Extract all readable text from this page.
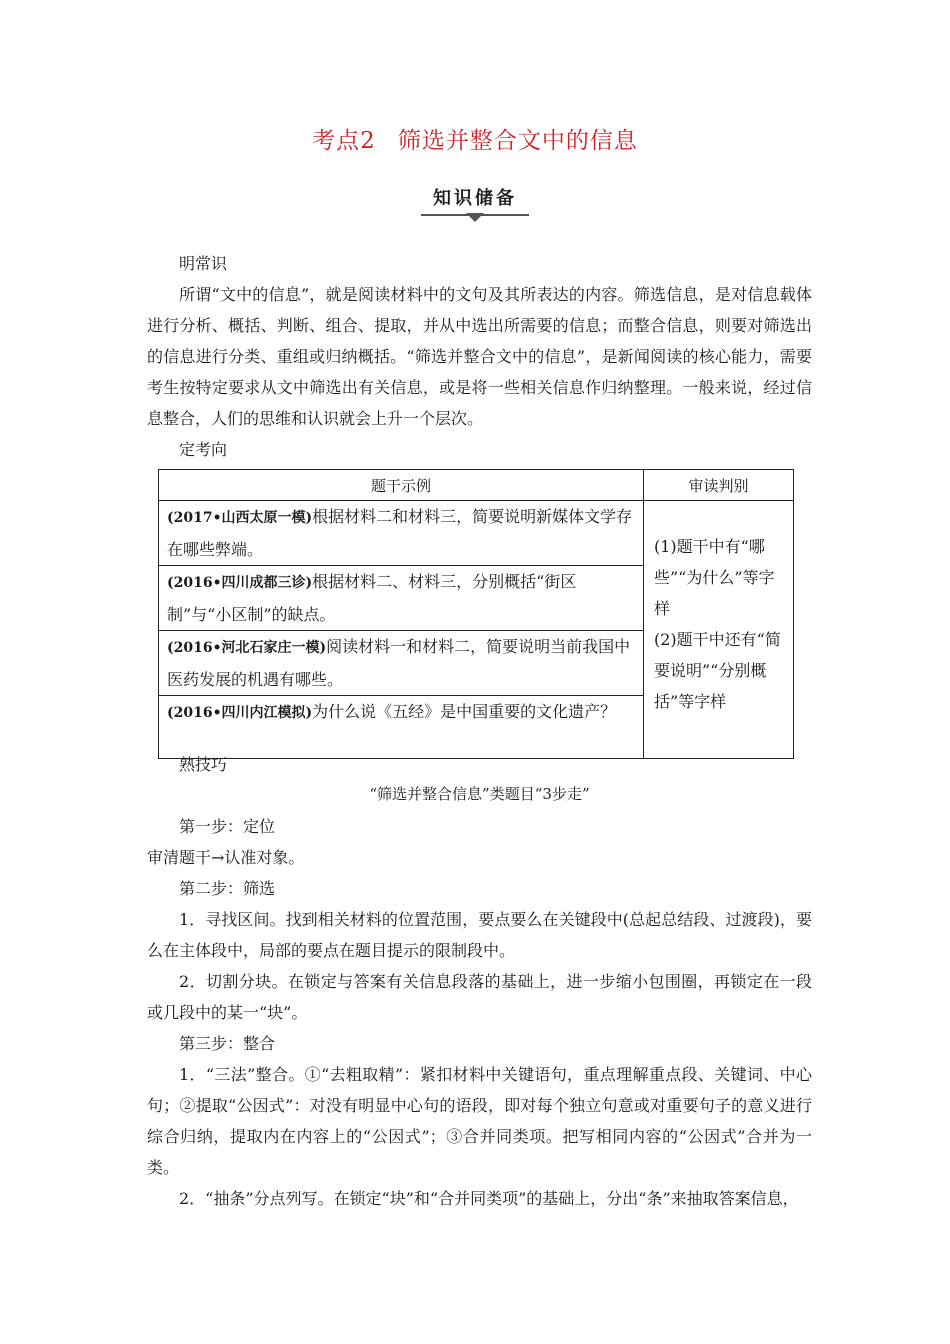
考点2 筛选并整合文中的信息
知识储备

明常识

所谓“文中的信息”，就是阅读材料中的文句及其所表达的内容。筛选信息，是对信息载体进行分析、概括、判断、组合、提取，并从中选出所需要的信息；而整合信息，则要对筛选出的信息进行分类、重组或归纳概括。“筛选并整合文中的信息”，是新闻阅读的核心能力，需要考生按特定要求从文中筛选出有关信息，或是将一些相关信息作归纳整理。一般来说，经过信息整合，人们的思维和认识就会上升一个层次。

定考向

题干示例	审读判别
(2017•山西太原一模)根据材料二和材料三，简要说明新媒体文学存在哪些弊端。	(1)题干中有“哪些”“为什么”等字样
(2)题干中还有“简要说明”“分别概括”等字样

(2016•四川成都三诊)根据材料二、材料三，分别概括“街区制”与“小区制”的缺点。	
(2016•河北石家庄一模)阅读材料一和材料二，简要说明当前我国中医药发展的机遇有哪些。	
(2016•四川内江模拟)为什么说《五经》是中国重要的文化遗产？	

熟技巧

“筛选并整合信息”类题目“3步走”

第一步：定位

审清题干→认准对象。

第二步：筛选

1．寻找区间。找到相关材料的位置范围，要点要么在关键段中(总起总结段、过渡段)，要么在主体段中，局部的要点在题目提示的限制段中。

2．切割分块。在锁定与答案有关信息段落的基础上，进一步缩小包围圈，再锁定在一段或几段中的某一“块”。

第三步：整合

1．“三法”整合。①“去粗取精”：紧扣材料中关键语句，重点理解重点段、关键词、中心句；②提取“公因式”：对没有明显中心句的语段，即对每个独立句意或对重要句子的意义进行综合归纳，提取内在内容上的“公因式”；③合并同类项。把写相同内容的“公因式”合并为一类。

2．“抽条”分点列写。在锁定“块”和“合并同类项”的基础上，分出“条”来抽取答案信息，
